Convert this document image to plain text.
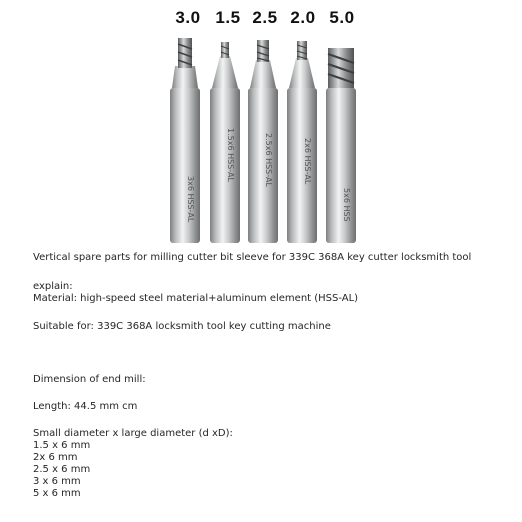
3.0 1.5 2.5 2.0 5.0
3x6 HSS-AL
1.5x6 HSS-AL	2.5x6 HSS-AL	2x6 HSS-AL
5x6 HSS
Vertical spare parts for milling cutter bit sleeve for 339C 368A key cutter locksmith tool
explain:
Material: high-speed steel material+aluminum element (HSS-AL)
Suitable for: 339C 368A locksmith tool key cutting machine
Dimension of end mill:
Length: 44.5 mm cm
Small diameter x large diameter (d xD):
1.5 x 6 mm
2x 6 mm
2.5 x 6 mm
3 x 6 mm
5 x 6 mm
